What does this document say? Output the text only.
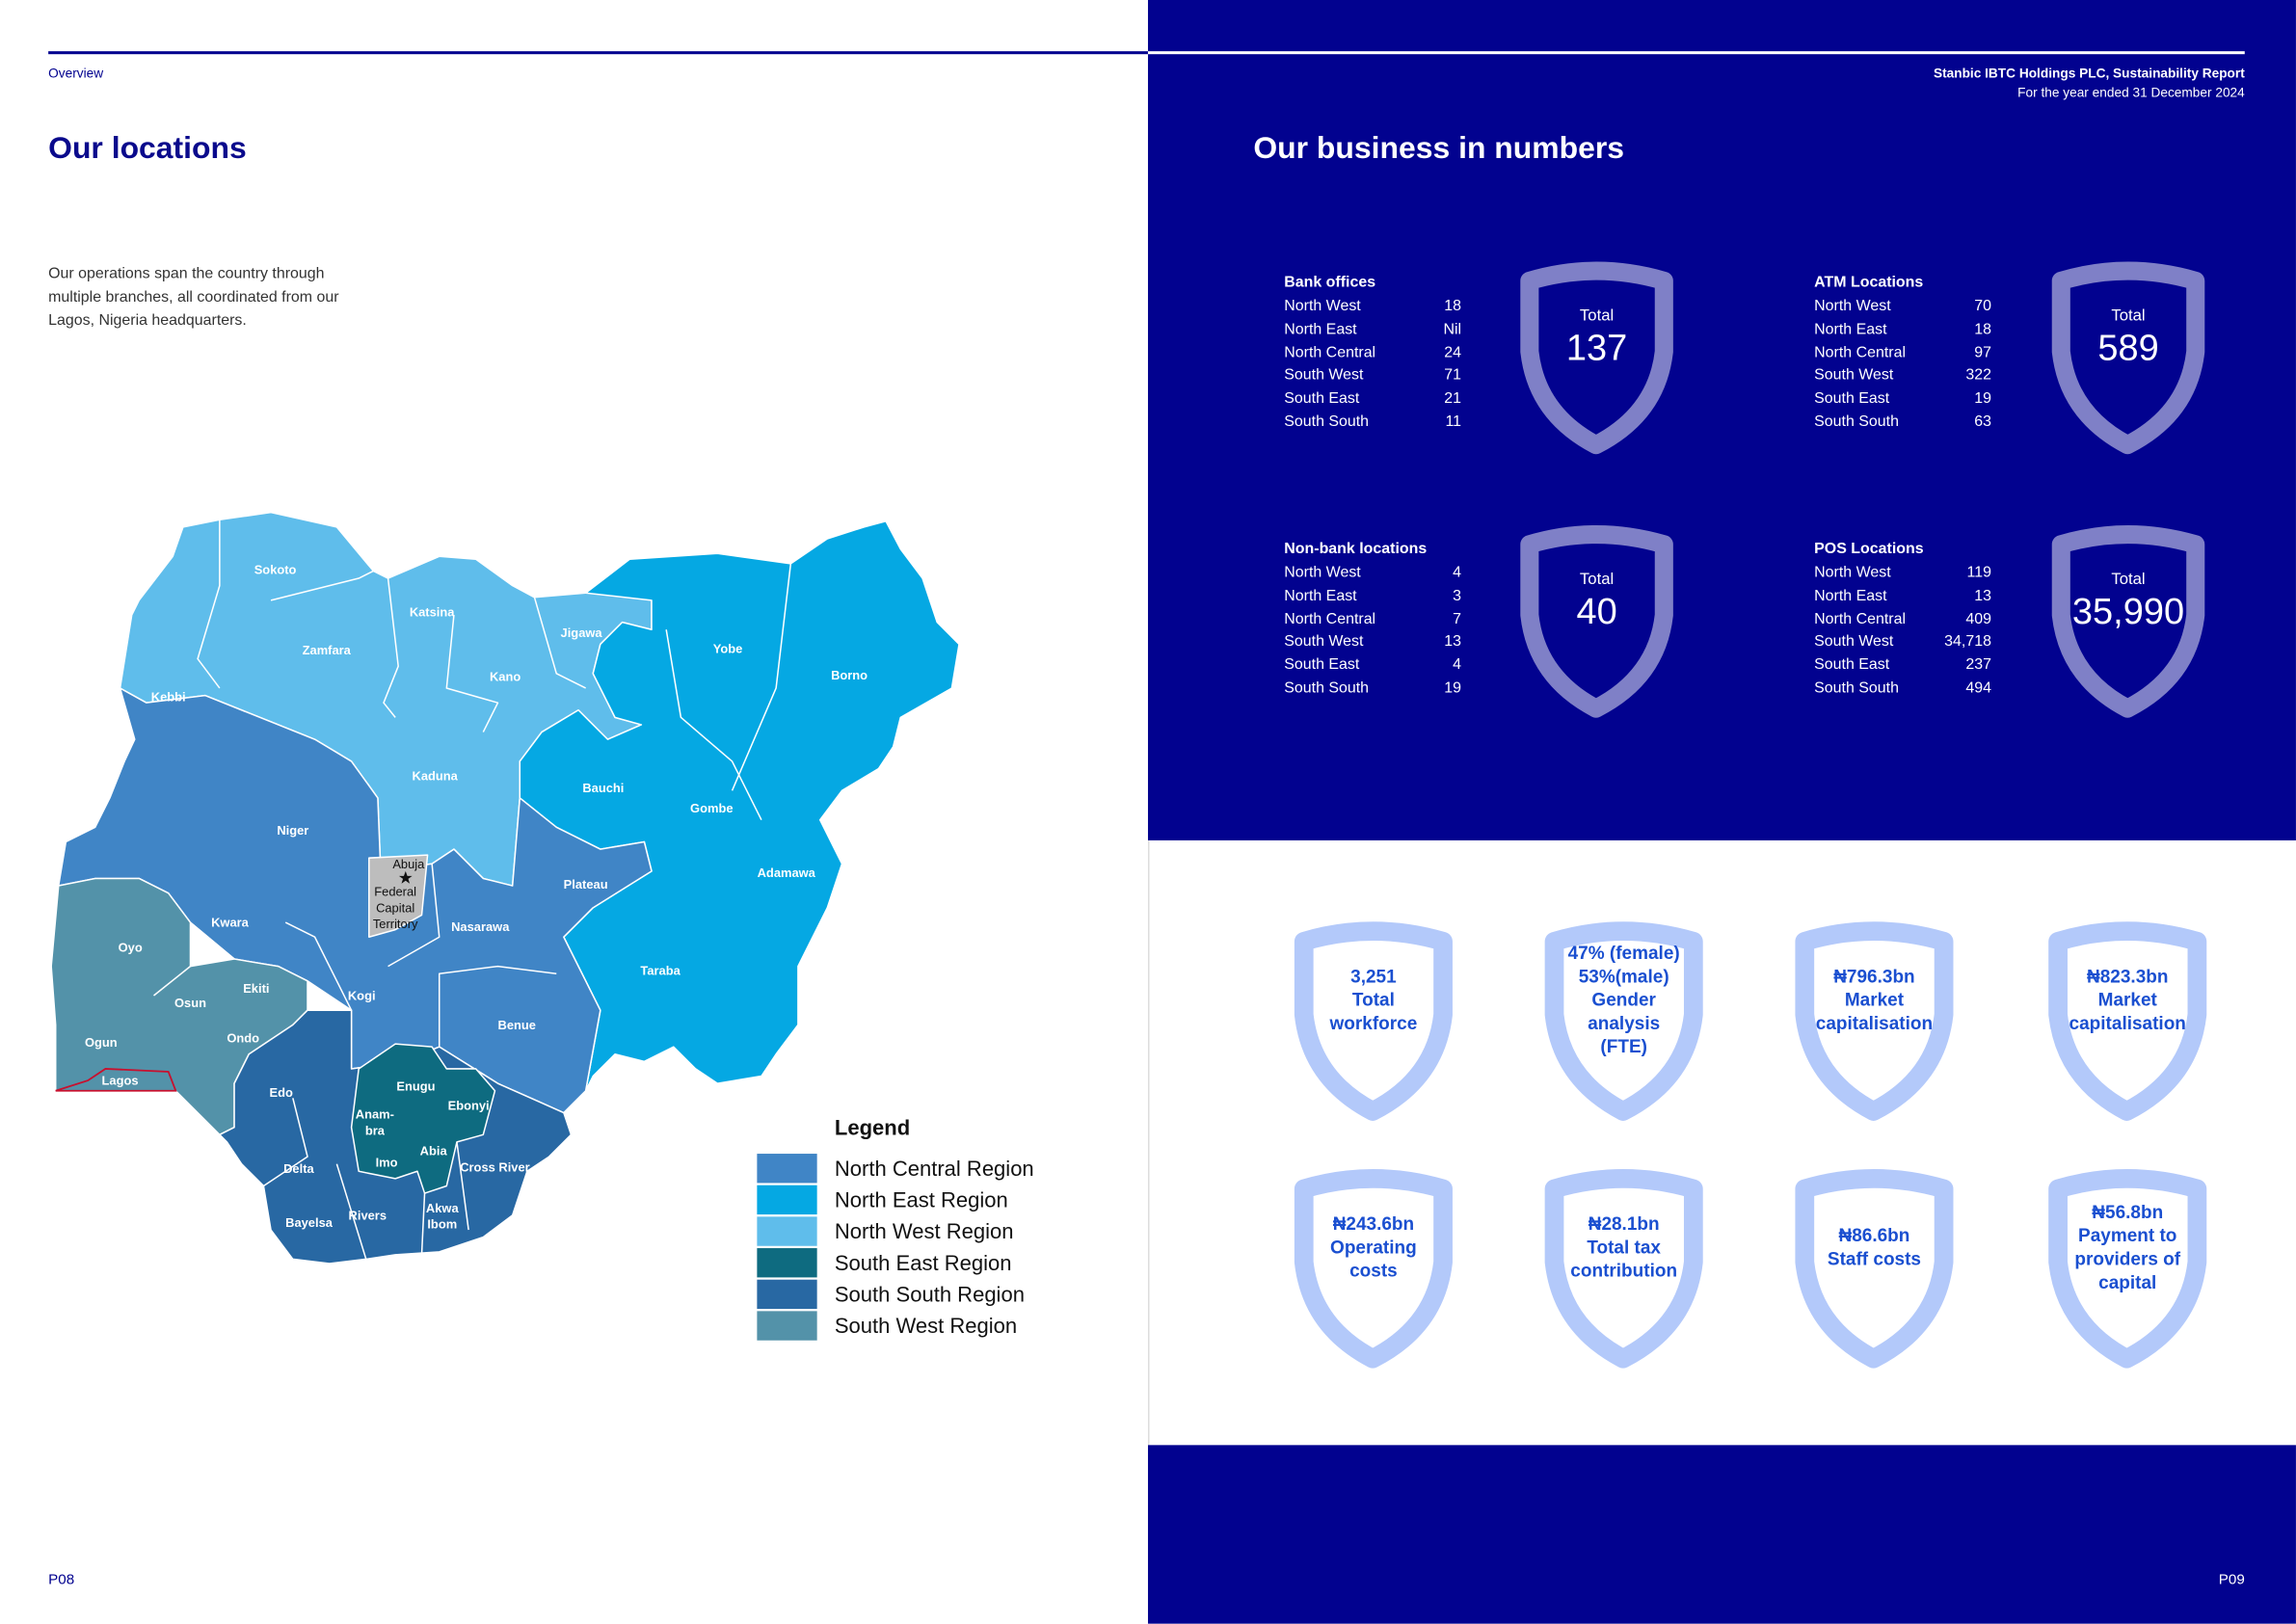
Overview	Stanbic IBTC Holdings PLC, Sustainability Report
For the year ended 31 December 2024
Our locations	Our business in numbers
Our operations span the country through
multiple branches, all coordinated from our
Lagos, Nigeria headquarters.
P08	P09
Sokoto
Zamfara
Kebbi
Katsina
Kano
Jigawa
Yobe
Borno
Kaduna
Bauchi
Gombe
Niger
Adamawa
Plateau
Kwara	Nasarawa
Oyo
Taraba
Osun
Ekiti
Kogi
Ondo
Benue
Ogun
Lagos	Enugu
Edo
Ebonyi
Imo
Abia
Cross River
Delta
Rivers
Bayelsa
Anam-
bra
Akwa
Ibom
Abuja
Federal
Capital
Territory
Legend
North Central Region
North East Region
North West Region
South East Region
South South Region
South West Region
Bank offices
North West	18
North East	Nil
North Central	24
South West	71
South East	21
South South	11
Total
137
ATM Locations
North West	70
North East	18
North Central	97
South West	322
South East	19
South South	63
Total
589
Non-bank locations
North West	4
North East	3
North Central	7
South West	13
South East	4
South South	19
Total
40
POS Locations
North West	119
North East	13
North Central	409
South West	34,718
South East	237
South South	494
Total
35,990
3,251
Total
workforce
47% (female)
53%(male)
Gender
analysis
(FTE)
₦796.3bn
Market
capitalisation
₦823.3bn
Market
capitalisation
₦243.6bn
Operating
costs
₦28.1bn
Total tax
contribution
₦86.6bn
Staff costs
₦56.8bn
Payment to
providers of
capital
